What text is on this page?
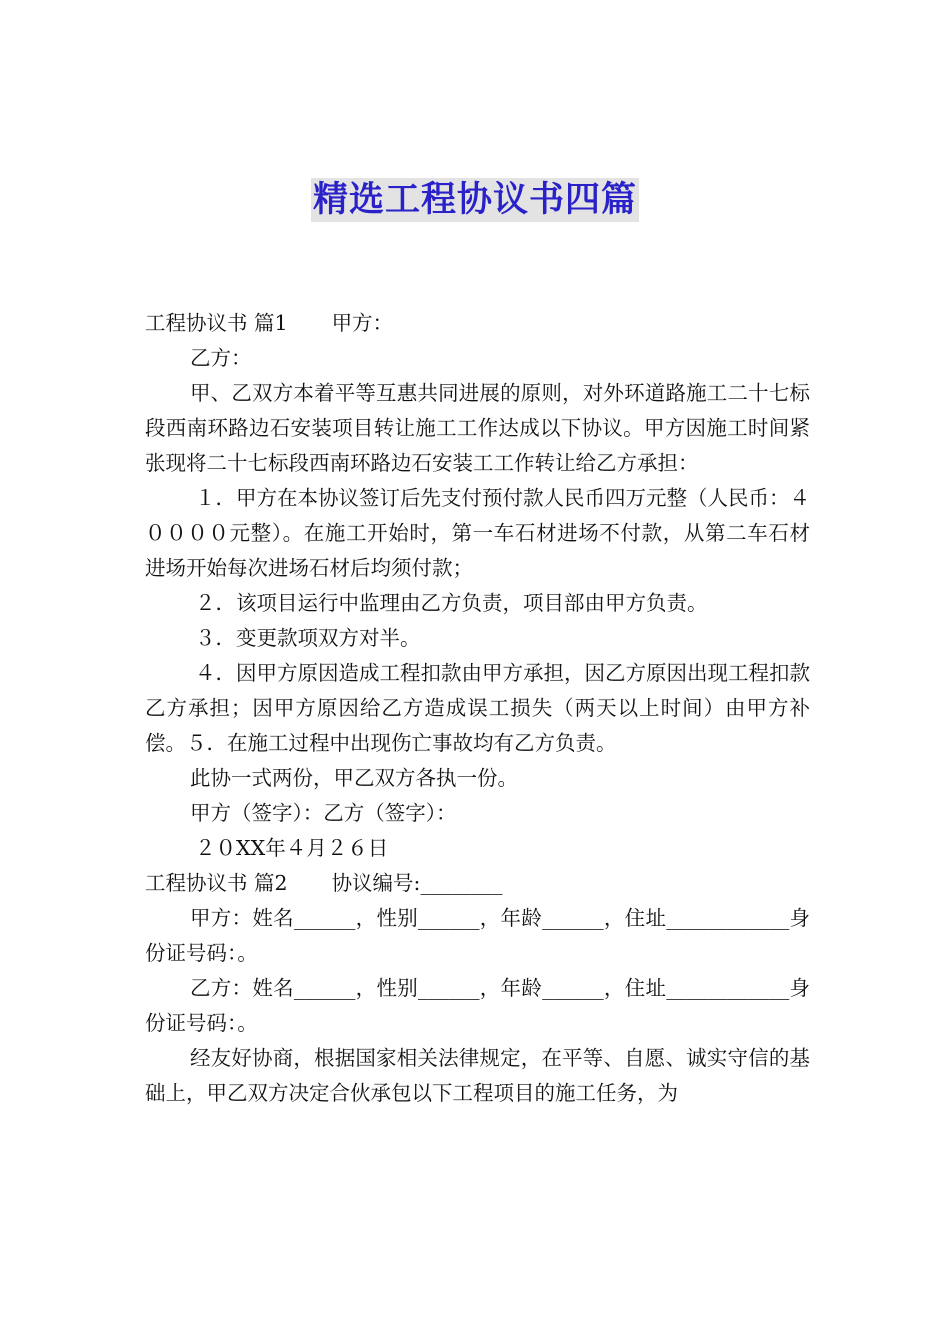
精选工程协议书四篇

工程协议书 篇1 甲方：

乙方：

甲、乙双方本着平等互惠共同进展的原则，对外环道路施工二十七标段西南环路边石安装项目转让施工工作达成以下协议。甲方因施工时间紧张现将二十七标段西南环路边石安装工工作转让给乙方承担：

１．甲方在本协议签订后先支付预付款人民币四万元整（人民币：４００００元整）。在施工开始时，第一车石材进场不付款，从第二车石材进场开始每次进场石材后均须付款；

２．该项目运行中监理由乙方负责，项目部由甲方负责。

３．变更款项双方对半。

４．因甲方原因造成工程扣款由甲方承担，因乙方原因出现工程扣款乙方承担；因甲方原因给乙方造成误工损失（两天以上时间）由甲方补偿。５．在施工过程中出现伤亡事故均有乙方负责。

此协一式两份，甲乙双方各执一份。

甲方（签字）：乙方（签字）：

２０XX年４月２６日

工程协议书 篇2 协议编号:________

甲方：姓名______，性别______，年龄______，住址____________身份证号码：。

乙方：姓名______，性别______，年龄______，住址____________身份证号码：。

经友好协商，根据国家相关法律规定，在平等、自愿、诚实守信的基础上，甲乙双方决定合伙承包以下工程项目的施工任务，为
